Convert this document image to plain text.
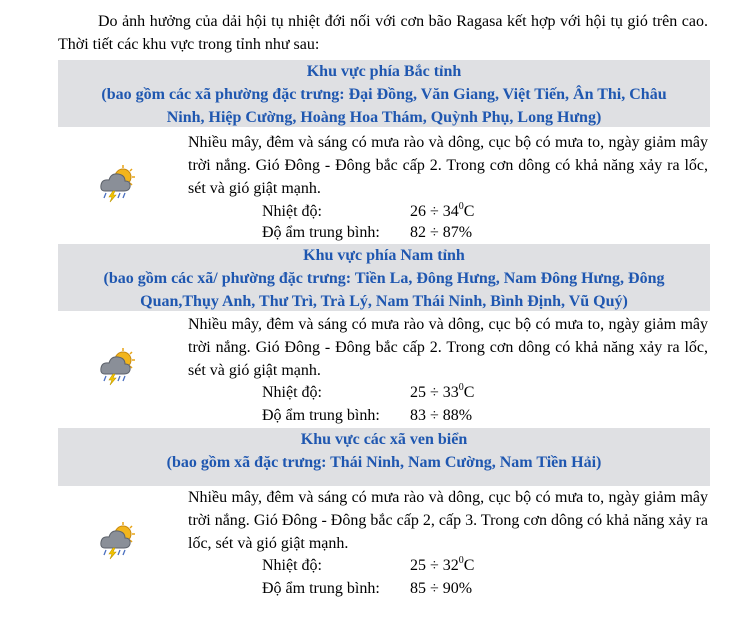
Do ảnh hưởng của dải hội tụ nhiệt đới nối với cơn bão Ragasa kết hợp với hội tụ gió trên cao. Thời tiết các khu vực trong tỉnh như sau:
Khu vực phía Bắc tỉnh
(bao gồm các xã phường đặc trưng: Đại Đồng, Văn Giang, Việt Tiến, Ân Thi, Châu
Ninh, Hiệp Cường, Hoàng Hoa Thám, Quỳnh Phụ, Long Hưng)
Nhiều mây, đêm và sáng có mưa rào và dông, cục bộ có mưa to, ngày giảm mây trời nắng. Gió Đông - Đông bắc cấp 2. Trong cơn dông có khả năng xảy ra lốc, sét và gió giật mạnh.
Nhiệt độ:	$26 \div 34^0C$
Độ ẩm trung bình: 82 ÷ 87%
Khu vực phía Nam tỉnh
(bao gồm các xã/ phường đặc trưng: Tiền La, Đông Hưng, Nam Đông Hưng, Đông
Quan,Thụy Anh, Thư Trì, Trà Lý, Nam Thái Ninh, Bình Định, Vũ Quý)
Nhiều mây, đêm và sáng có mưa rào và dông, cục bộ có mưa to, ngày giảm mây trời nắng. Gió Đông - Đông bắc cấp 2. Trong cơn dông có khả năng xảy ra lốc, sét và gió giật mạnh.
Nhiệt độ:	$25 \div 33^0C$
Độ ẩm trung bình: 83 ÷ 88%
Khu vực các xã ven biển
(bao gồm xã đặc trưng: Thái Ninh, Nam Cường, Nam Tiền Hải)
Nhiều mây, đêm và sáng có mưa rào và dông, cục bộ có mưa to, ngày giảm mây trời nắng. Gió Đông - Đông bắc cấp 2, cấp 3. Trong cơn dông có khả năng xảy ra lốc, sét và gió giật mạnh.
Nhiệt độ:	$25 \div 32^0C$
Độ ẩm trung bình: 85 ÷ 90%
